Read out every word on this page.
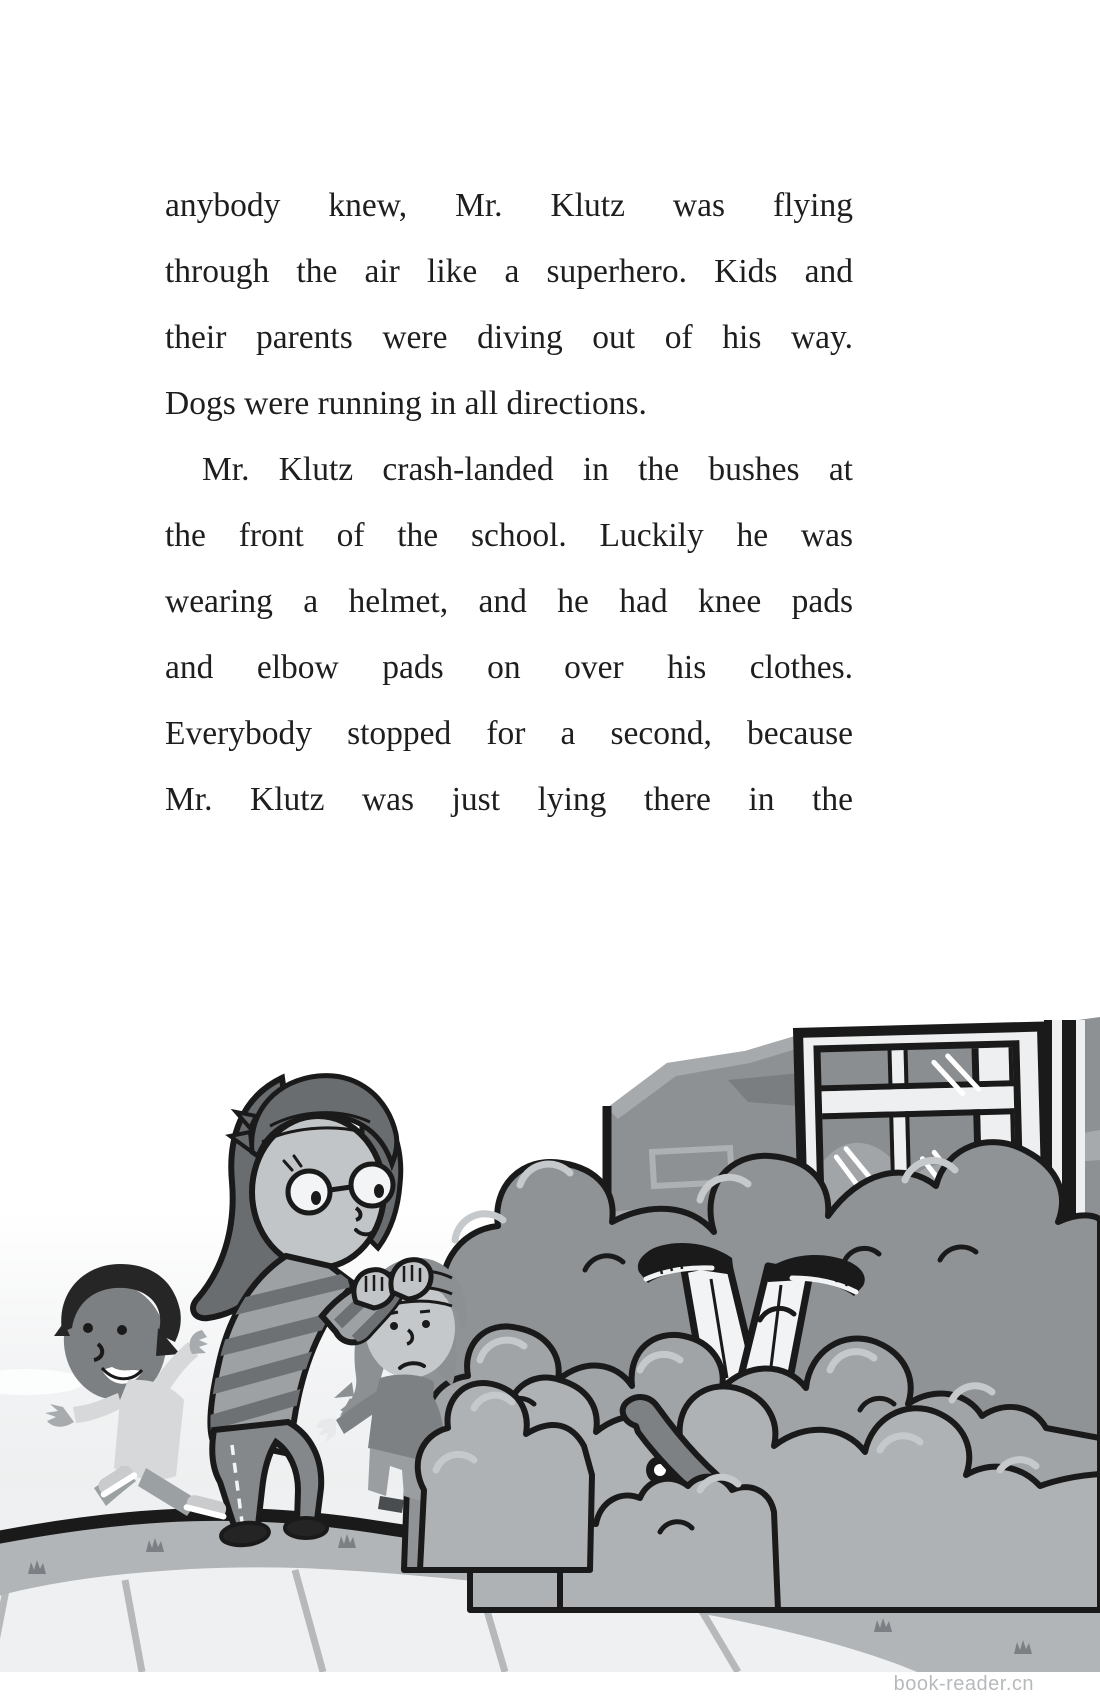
anybody knew, Mr. Klutz was flying
through the air like a superhero. Kids and
their parents were diving out of his way.
Dogs were running in all directions.
Mr. Klutz crash-landed in the bushes at
the front of the school. Luckily he was
wearing a helmet, and he had knee pads
and elbow pads on over his clothes.
Everybody stopped for a second, because
Mr. Klutz was just lying there in the
book-reader.cn
